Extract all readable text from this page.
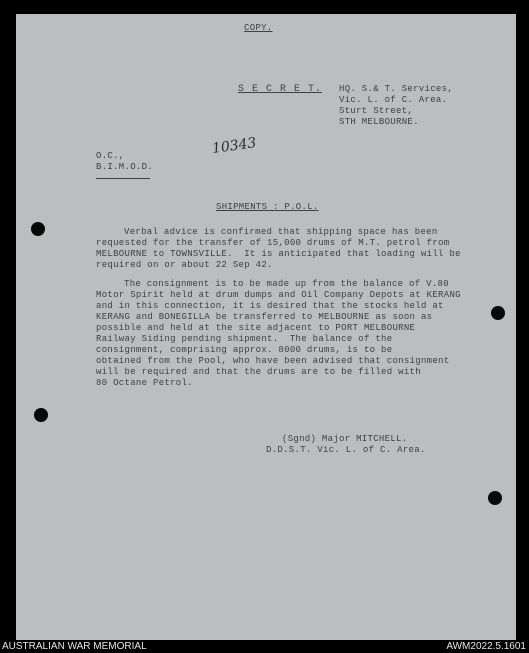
COPY.
S E C R E T. HQ. S.& T. Services,
Vic. L. of C. Area.
Sturt Street,
STH MELBOURNE.
10343
O.C.,
B.I.M.O.D.
SHIPMENTS : P.O.L.
Verbal advice is confirmed that shipping space has been
requested for the transfer of 15,000 drums of M.T. petrol from
MELBOURNE to TOWNSVILLE.  It is anticipated that loading will be
required on or about 22 Sep 42.
The consignment is to be made up from the balance of V.80
Motor Spirit held at drum dumps and Oil Company Depots at KERANG
and in this connection, it is desired that the stocks held at
KERANG and BONEGILLA be transferred to MELBOURNE as soon as
possible and held at the site adjacent to PORT MELBOURNE
Railway Siding pending shipment.  The balance of the
consignment, comprising approx. 8000 drums, is to be
obtained from the Pool, who have been advised that consignment
will be required and that the drums are to be filled with
80 Octane Petrol.
(Sgnd) Major MITCHELL.
D.D.S.T. Vic. L. of C. Area.
AUSTRALIAN WAR MEMORIAL	AWM2022.5.1601
